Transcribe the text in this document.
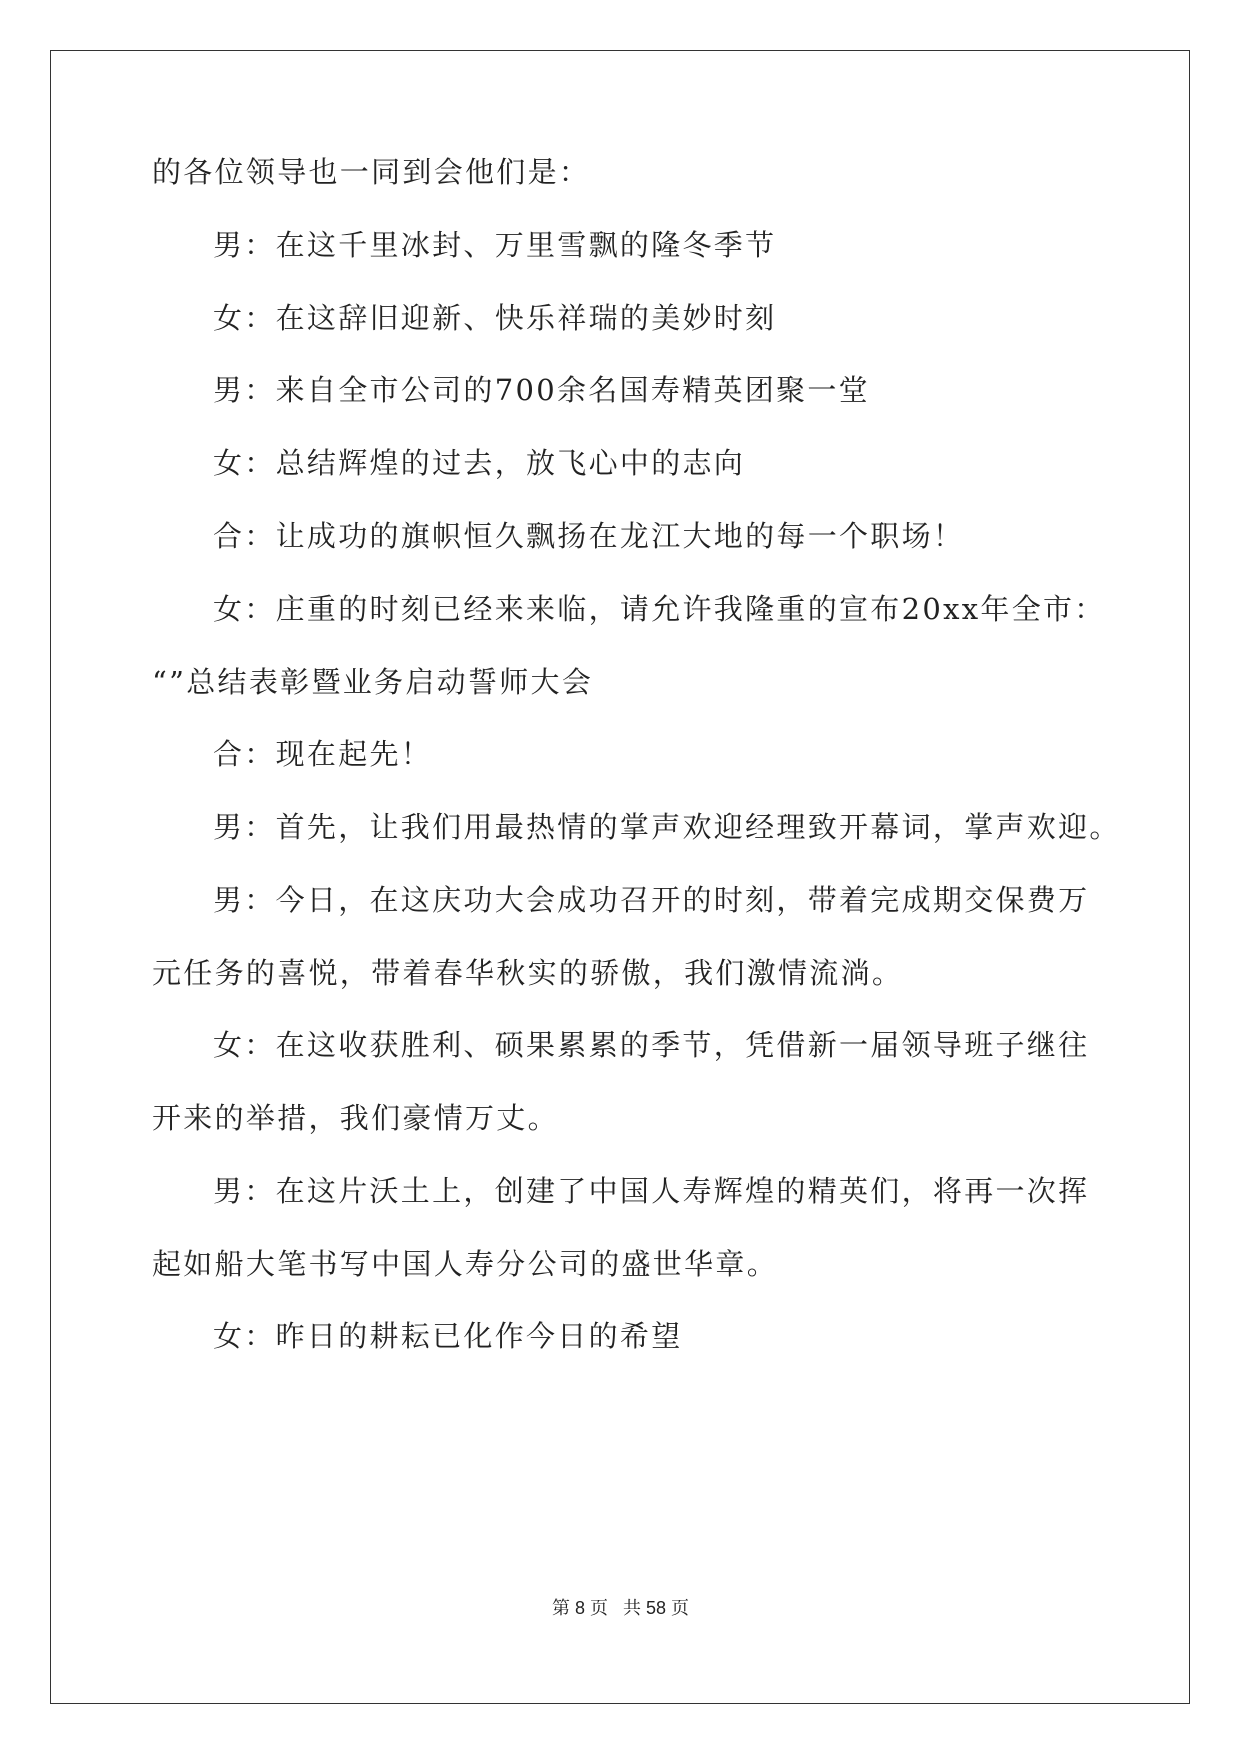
的各位领导也一同到会他们是：
男：在这千里冰封、万里雪飘的隆冬季节
女：在这辞旧迎新、快乐祥瑞的美妙时刻
男：来自全市公司的700余名国寿精英团聚一堂
女：总结辉煌的过去，放飞心中的志向
合：让成功的旗帜恒久飘扬在龙江大地的每一个职场！
女：庄重的时刻已经来来临，请允许我隆重的宣布20xx年全市：
“”总结表彰暨业务启动誓师大会
合：现在起先！
男：首先，让我们用最热情的掌声欢迎经理致开幕词，掌声欢迎。
男：今日，在这庆功大会成功召开的时刻，带着完成期交保费万
元任务的喜悦，带着春华秋实的骄傲，我们激情流淌。
女：在这收获胜利、硕果累累的季节，凭借新一届领导班子继往
开来的举措，我们豪情万丈。
男：在这片沃土上，创建了中国人寿辉煌的精英们，将再一次挥
起如船大笔书写中国人寿分公司的盛世华章。
女：昨日的耕耘已化作今日的希望
第 8 页   共 58 页
